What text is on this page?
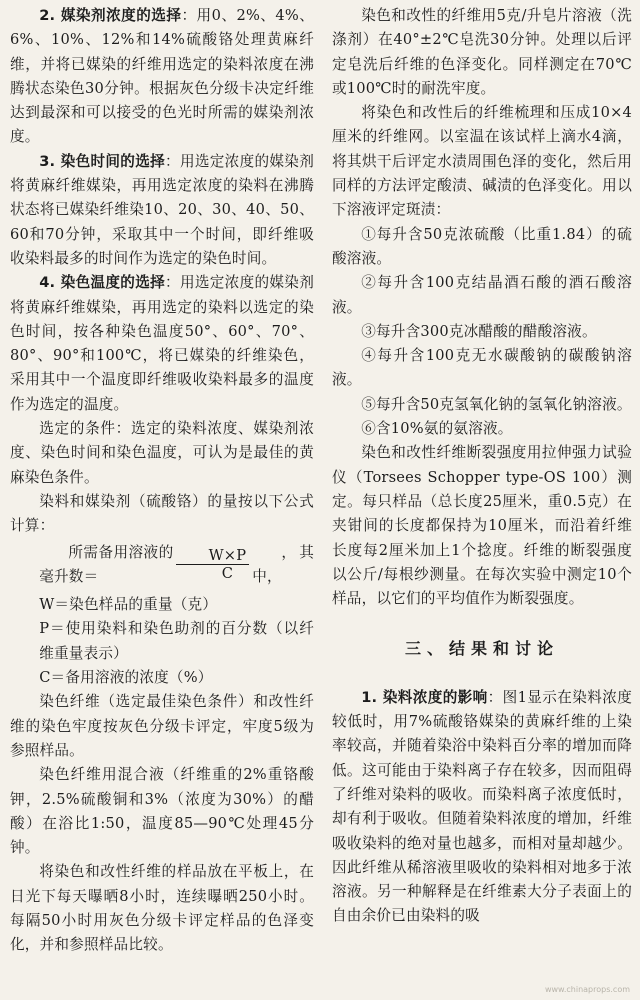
2. 媒染剂浓度的选择：用0、2%、4%、6%、10%、12%和14%硫酸铬处理黄麻纤维，并将已媒染的纤维用选定的染料浓度在沸腾状态染色30分钟。根据灰色分级卡决定纤维达到最深和可以接受的色光时所需的媒染剂浓度。

3. 染色时间的选择：用选定浓度的媒染剂将黄麻纤维媒染，再用选定浓度的染料在沸腾状态将已媒染纤维染10、20、30、40、50、60和70分钟，采取其中一个时间，即纤维吸收染料最多的时间作为选定的染色时间。

4. 染色温度的选择：用选定浓度的媒染剂将黄麻纤维媒染，再用选定的染料以选定的染色时间，按各种染色温度50°、60°、70°、80°、90°和100℃，将已媒染的纤维染色，采用其中一个温度即纤维吸收染料最多的温度作为选定的温度。

选定的条件：选定的染料浓度、媒染剂浓度、染色时间和染色温度，可认为是最佳的黄麻染色条件。

染料和媒染剂（硫酸铬）的量按以下公式计算：

所需备用溶液的毫升数＝	$\frac{W\times P}{C}$	，其中，

W＝染色样品的重量（克）

P＝使用染料和染色助剂的百分数（以纤维重量表示）

C＝备用溶液的浓度（%）

染色纤维（选定最佳染色条件）和改性纤维的染色牢度按灰色分级卡评定，牢度5级为参照样品。

染色纤维用混合液（纤维重的2%重铬酸钾，2.5%硫酸铜和3%（浓度为30%）的醋酸）在浴比1:50，温度85—90℃处理45分钟。

将染色和改性纤维的样品放在平板上，在日光下每天曝晒8小时，连续曝晒250小时。每隔50小时用灰色分级卡评定样品的色泽变化，并和参照样品比较。

染色和改性的纤维用5克/升皂片溶液（洗涤剂）在40°±2℃皂洗30分钟。处理以后评定皂洗后纤维的色泽变化。同样测定在70℃或100℃时的耐洗牢度。

将染色和改性后的纤维梳理和压成10×4厘米的纤维网。以室温在该试样上滴水4滴，将其烘干后评定水渍周围色泽的变化，然后用同样的方法评定酸渍、碱渍的色泽变化。用以下溶液评定斑渍：

①每升含50克浓硫酸（比重1.84）的硫酸溶液。

②每升含100克结晶酒石酸的酒石酸溶液。

③每升含300克冰醋酸的醋酸溶液。

④每升含100克无水碳酸钠的碳酸钠溶液。

⑤每升含50克氢氧化钠的氢氧化钠溶液。

⑥含10%氨的氨溶液。

染色和改性纤维断裂强度用拉伸强力试验仪（Torsees Schopper type-OS 100）测定。每只样品（总长度25厘米，重0.5克）在夹钳间的长度都保持为10厘米，而沿着纤维长度每2厘米加上1个捻度。纤维的断裂强度以公斤/每根纱测量。在每次实验中测定10个样品，以它们的平均值作为断裂强度。

三、结果和讨论

1. 染料浓度的影响：图1显示在染料浓度较低时，用7%硫酸铬媒染的黄麻纤维的上染率较高，并随着染浴中染料百分率的增加而降低。这可能由于染料离子存在较多，因而阻碍了纤维对染料的吸收。而染料离子浓度低时，却有利于吸收。但随着染料浓度的增加，纤维吸收染料的绝对量也越多，而相对量却越少。因此纤维从稀溶液里吸收的染料相对地多于浓溶液。另一种解释是在纤维素大分子表面上的自由余价已由染料的吸

www.chinaprops.com
